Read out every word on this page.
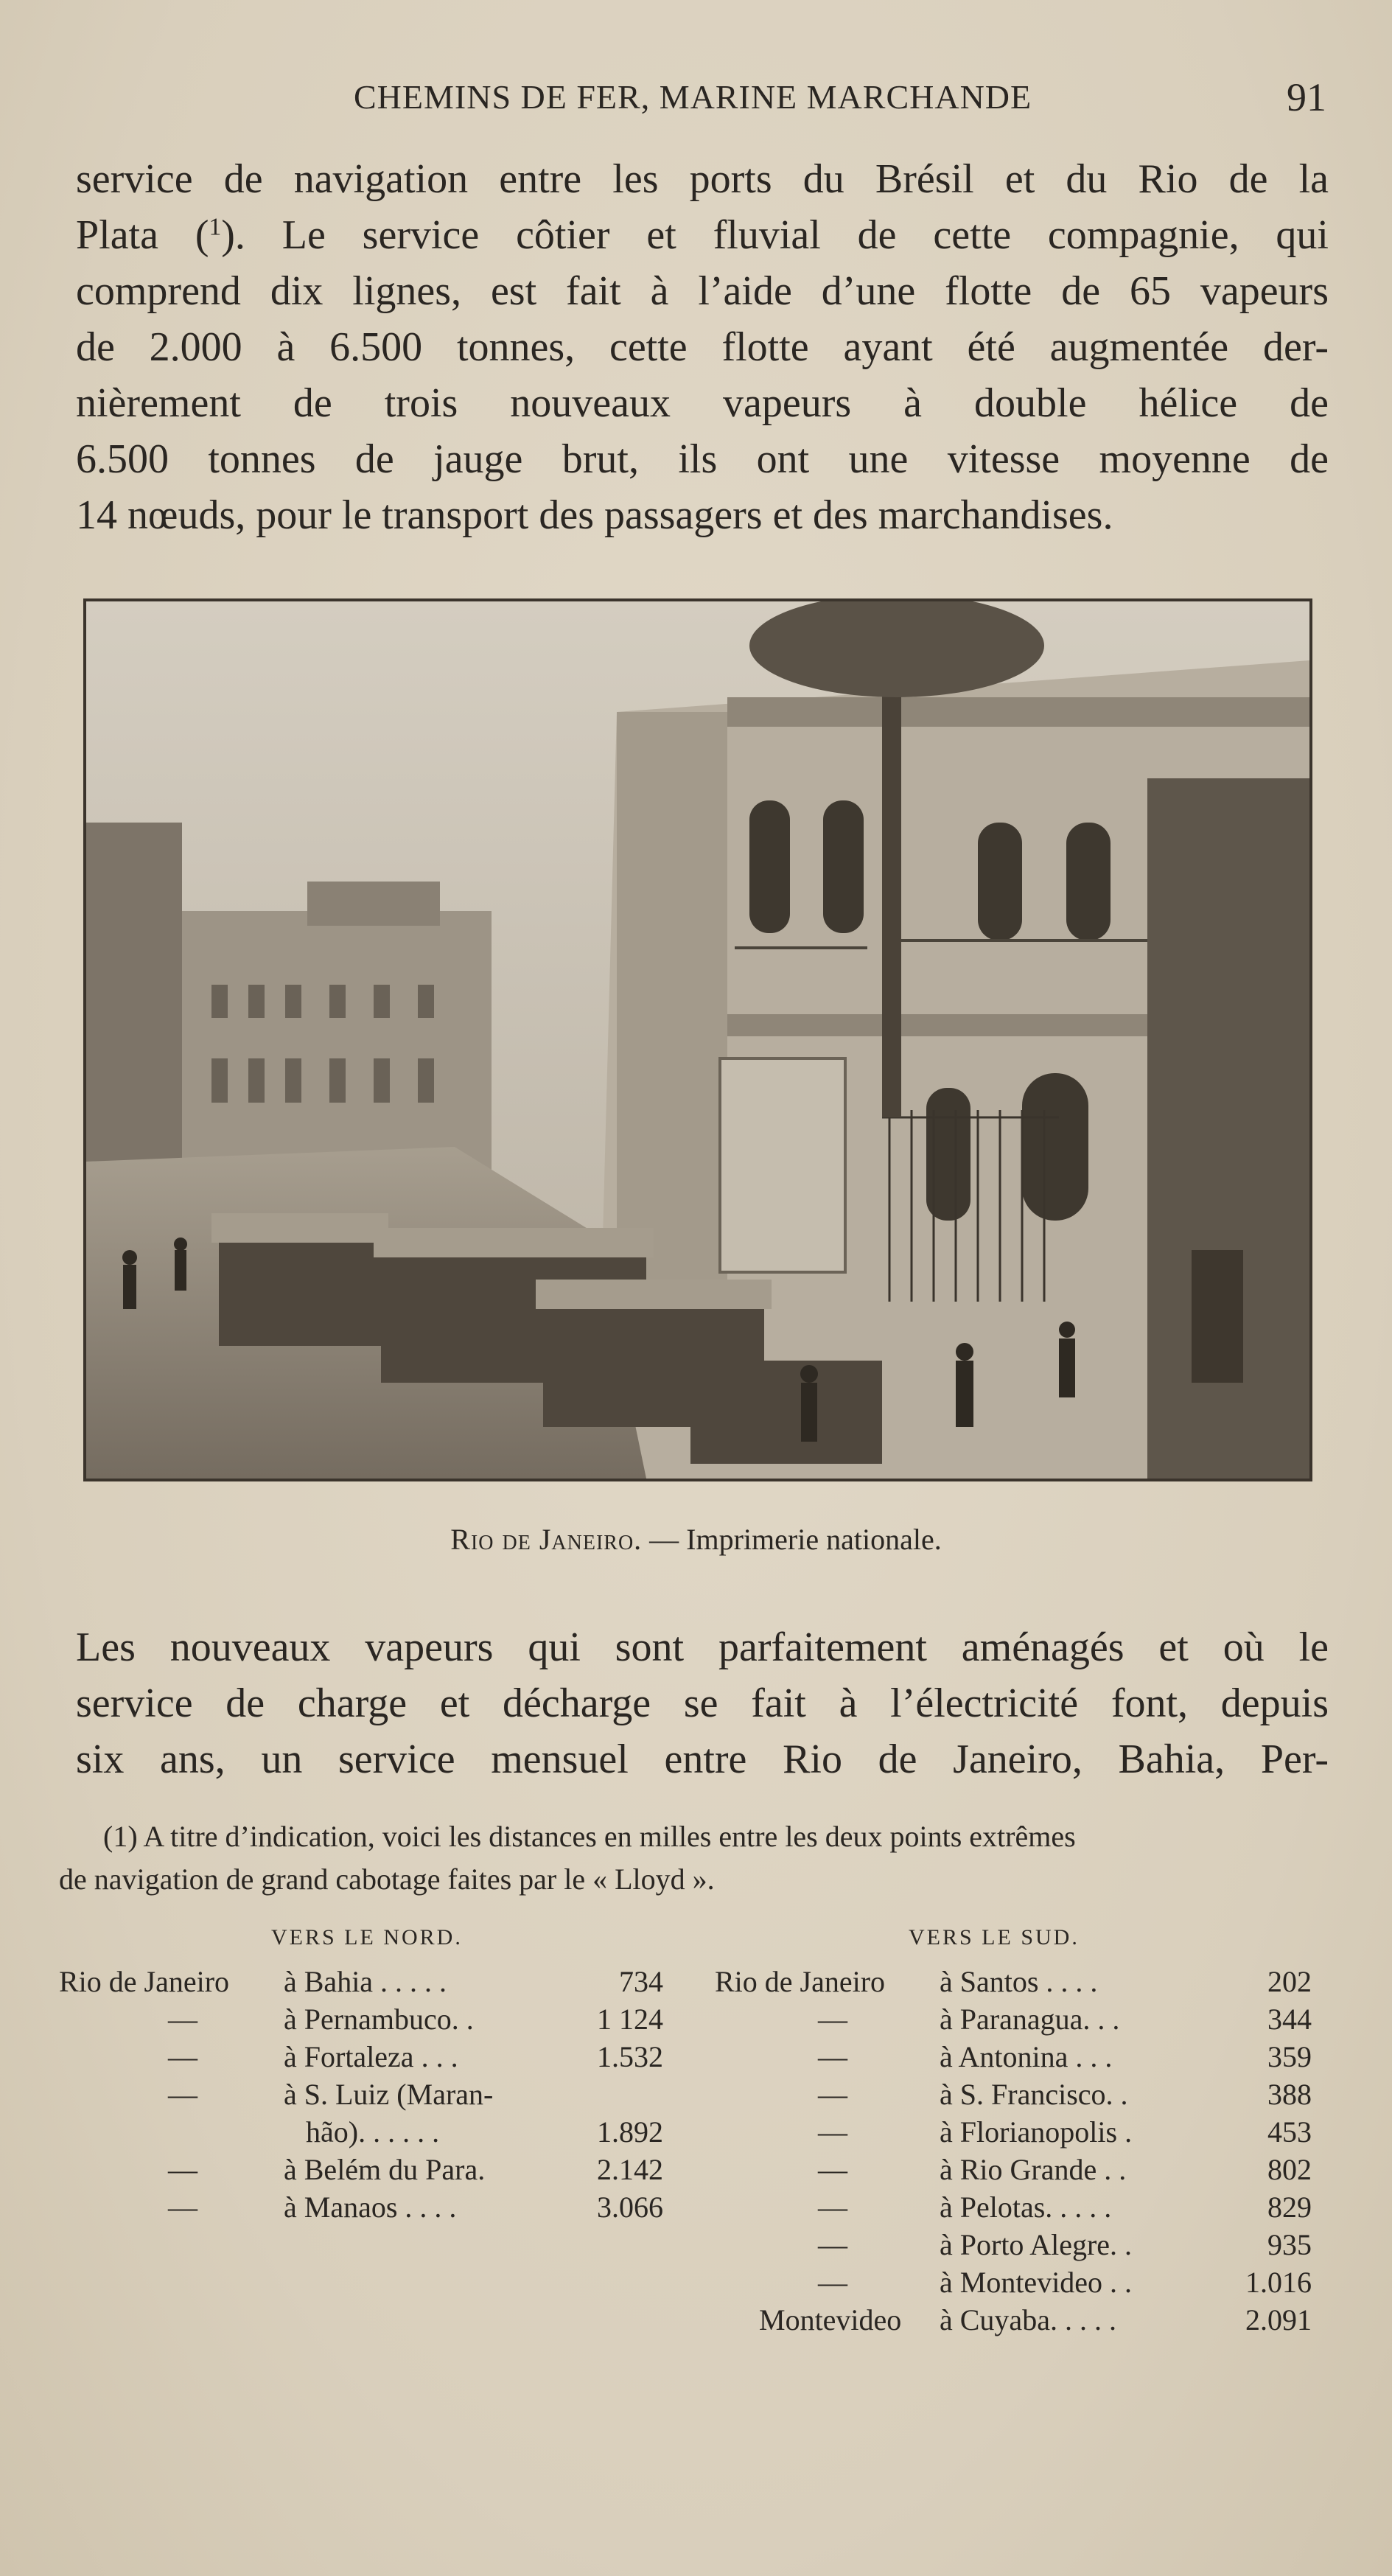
CHEMINS DE FER, MARINE MARCHANDE	91
service de navigation entre les ports du Brésil et du Rio de la
Plata ($^1$). Le service côtier et fluvial de cette compagnie, qui
comprend dix lignes, est fait à l’aide d’une flotte de 65 vapeurs
de 2.000 à 6.500 tonnes, cette flotte ayant été augmentée der-
nièrement de trois nouveaux vapeurs à double hélice de
6.500 tonnes de jauge brut, ils ont une vitesse moyenne de
14 nœuds, pour le transport des passagers et des marchandises.
Rio de Janeiro. — Imprimerie nationale.
Les nouveaux vapeurs qui sont parfaitement aménagés et où le
service de charge et décharge se fait à l’électricité font, depuis
six ans, un service mensuel entre Rio de Janeiro, Bahia, Per-
(1) A titre d’indication, voici les distances en milles entre les deux points extrêmes
de navigation de grand cabotage faites par le « Lloyd ».
VERS LE NORD.	VERS LE SUD.
Rio de Janeiro à Bahia . . . . .	734
—	à Pernambuco. .	1 124
—	à Fortaleza . . .	1.532
—	à S. Luiz (Maran-
hão). . . . . .	1.892
—	à Belém du Para.	2.142
—	à Manaos . . . .	3.066
Rio de Janeiro à Santos . . . .	202
—	à Paranagua. . .	344
—	à Antonina . . .	359
—	à S. Francisco. .	388
—	à Florianopolis .	453
—	à Rio Grande . .	802
—	à Pelotas. . . . .	829
—	à Porto Alegre. .	935
—	à Montevideo . .	1.016
Montevideo à Cuyaba. . . . .	2.091
